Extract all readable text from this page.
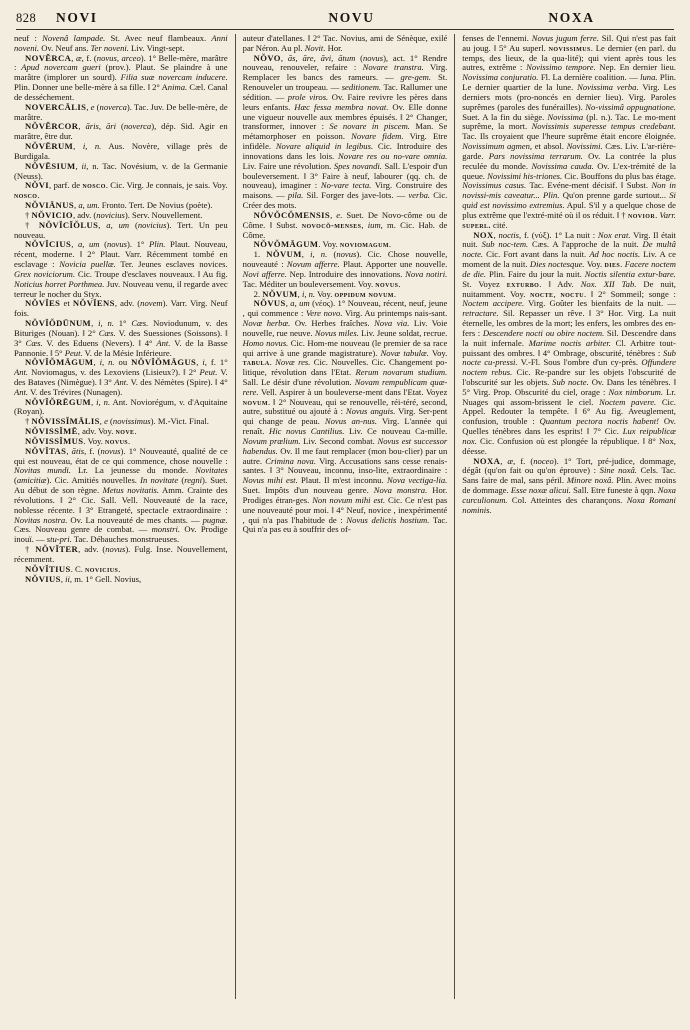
828	NOVI	NOVU	NOXA

neuf : Novenâ lampade. St. Avec neuf flambeaux. Anni noveni. Ov. Neuf ans. Ter noveni. Liv. Vingt-sept.

NOVĔRCA, æ, f. (novus, arceo). 1° Belle-mère, marâtre : Apud novercam gueri (prov.). Plaut. Se plaindre à une marâtre (implorer un sourd). Filia suæ novercam inducere. Plin. Donner une belle-mère à sa fille. ‖ 2° Anima. Cæl. Canal de desséchement.

NOVERCĀLIS, e (noverca). Tac. Juv. De belle-mère, de marâtre.

NŎVĔRCOR, āris, āri (noverca), dép. Sid. Agir en marâtre, être dur.

NŎVĒRUM, i, n. Aus. Novère, village près de Burdigala.

NŎVĒSIUM, ii, n. Tac. Novésium, v. de la Germanie (Neuss).

NŎVI, parf. de nosco. Cic. Virg. Je connais, je sais. Voy. nosco.

NŎVIĀNUS, a, um. Fronto. Tert. De Novius (poète).

† NŎVICIO, adv. (novicius). Serv. Nouvellement.

† NŎVĬCĬŎLUS, a, um (novicius). Tert. Un peu nouveau.

NŎVĬCIUS, a, um (novus). 1° Plin. Plaut. Nouveau, récent, moderne. ‖ 2° Plaut. Varr. Récemment tombé en esclavage : Novicia puellæ. Ter. Jeunes esclaves novices. Grex noviciorum. Cic. Troupe d'esclaves nouveaux. ‖ Au fig. Noticius horret Porthmea. Juv. Nouveau venu, il regarde avec terreur le nocher du Styx.

NŎVĬES et NŎVĬENS, adv. (novem). Varr. Virg. Neuf fois.

NŎVĬŎDŪNUM, i, n. 1° Cæs. Noviodunum, v. des Bituriges (Nouan). ‖ 2° Cæs. V. des Suessiones (Soissons). ‖ 3° Cæs. V. des Eduens (Nevers). ‖ 4° Ant. V. de la Basse Pannonie. ‖ 5° Peut. V. de la Mésie Inférieure.

NŎVĬŎMĀGUM, i, n. ou NŎVĬŎMĀGUS, i, f. 1° Ant. Noviomagus, v. des Lexoviens (Lisieux?). ‖ 2° Peut. V. des Bataves (Nimègue). ‖ 3° Ant. V. des Némètes (Spire). ‖ 4° Ant. V. des Trévires (Nunagen).

NŎVĬŎRĒGUM, i, n. Ant. Noviorégum, v. d'Aquitaine (Royan).

† NŎVISSĬMĀLIS, e (novissimus). M.-Vict. Final.

NŎVISSĬMĒ, adv. Voy. nove.

NŎVISSĬMUS. Voy. novus.

NŎVĬTAS, ātis, f. (novus). 1° Nouveauté, qualité de ce qui est nouveau, état de ce qui commence, chose nouvelle : Novitas mundi. Lr. La jeunesse du monde. Novitates (amicitiæ). Cic. Amitiés nouvelles. In novitate (regni). Suet. Au début de son règne. Metus novitatis. Amm. Crainte des révolutions. ‖ 2° Cic. Sall. Vell. Nouveauté de la race, noblesse récente. ‖ 3° Etrangeté, spectacle extraordinaire : Novitas nostra. Ov. La nouveauté de mes chants. — pugnæ. Cæs. Nouveau genre de combat. — monstri. Ov. Prodige inouï. — stu-pri. Tac. Débauches monstrueuses.

† NŎVĬTER, adv. (novus). Fulg. Inse. Nouvellement, récemment.

NŎVĬTIUS. C. novicius.

NŎVIUS, ii, m. 1° Gell. Novius,

auteur d'atellanes. ‖ 2° Tac. Novius, ami de Sénèque, exilé par Néron. Au pl. Novit. Hor.

NŎVO, ās, āre, āvi, ātum (novus), act. 1° Rendre nouveau, renouveler, refaire : Novare transtra. Virg. Remplacer les bancs des rameurs. — gre-gem. St. Renouveler un troupeau. — seditionem. Tac. Rallumer une sédition. — prole viros. Ov. Faire revivre les pères dans leurs enfants. Hæc fessa membra novat. Ov. Elle donne une vigueur nouvelle aux membres épuisés. ‖ 2° Changer, transformer, innover : Se novare in piscem. Man. Se métamorphoser en poisson. Novare fidem. Virg. Etre infidèle. Novare aliquid in legibus. Cic. Introduire des innovations dans les lois. Novare res ou no-vare omnia. Liv. Faire une révolution. Spes novandi. Sall. L'espoir d'un bouleversement. ‖ 3° Faire à neuf, labourer (qq. ch. de nouveau), imaginer : No-vare tecta. Virg. Construire des maisons. — pila. Sil. Forger des jave-lots. — verba. Cic. Créer des mots.

NŎVŎCŎMENSIS, e. Suet. De Novo-côme ou de Côme. ‖ Subst. novocŏ-menses, ium, m. Cic. Hab. de Côme.

NŎVŎMĀGUM. Voy. noviomagum.

1. NŎVUM, i, n. (novus). Cic. Chose nouvelle, nouveauté : Novum afferre. Plaut. Apporter une nouvelle. Novi afferre. Nep. Introduire des innovations. Nova notiri. Tac. Méditer un bouleversement. Voy. novus.

2. NŎVUM, i, n. Voy. oppidum novum.

NŎVUS, a, um (νέος). 1° Nouveau, récent, neuf, jeune , qui commence : Vere novo. Virg. Au printemps nais-sant. Novæ herbæ. Ov. Herbes fraîches. Nova via. Liv. Voie nouvelle, rue neuve. Novus miles. Liv. Jeune soldat, recrue. Homo novus. Cic. Hom-me nouveau (le premier de sa race qui arrive à une grande magistrature). Novæ tabulæ. Voy. tabula. Novæ res. Cic. Nouvelles. Cic. Changement po-litique, révolution dans l'Etat. Rerum novarum studium. Sall. Le désir d'une révolution. Novam rempublicam quæ-rere. Vell. Aspirer à un bouleverse-ment dans l'Etat. Voyez novum. ‖ 2° Nouveau, qui se renouvelle, réi-téré, second, autre, substitué ou ajouté à : Novus anguis. Virg. Ser-pent qui change de peau. Novus an-nus. Virg. L'année qui renaît. Hic novus Cantilius. Liv. Ce nouveau Ca-mille. Novum prælium. Liv. Second combat. Novus est successor habendus. Ov. Il me faut remplacer (mon bou-clier) par un autre. Crimina nova. Virg. Accusations sans cesse renais-santes. ‖ 3° Nouveau, inconnu, inso-lite, extraordinaire : Novus mihi est. Plaut. Il m'est inconnu. Nova vectiga-lia. Suet. Impôts d'un nouveau genre. Nova monstra. Hor. Prodiges étran-ges. Non novum mihi est. Cic. Ce n'est pas une nouveauté pour moi. ‖ 4° Neuf, novice , inexpérimenté , qui n'a pas l'habitude de : Novus delictis hostium. Tac. Qui n'a pas eu à souffrir des of-

fenses de l'ennemi. Novus jugum ferre. Sil. Qui n'est pas fait au joug. ‖ 5° Au superl. novissimus. Le dernier (en parl. du temps, des lieux, de la qua-lité); qui vient après tous les autres, extrême : Novissimo tempore. Nep. En dernier lieu. Novissima conjuratio. Fl. La dernière coalition. — luna. Plin. Le dernier quartier de la lune. Novissima verba. Virg. Les derniers mots (pro-noncés en dernier lieu). Virg. Paroles suprêmes (paroles des funérailles). No-vissimâ oppugnatione. Suet. A la fin du siège. Novissima (pl. n.). Tac. Le mo-ment suprême, la mort. Novissimis superesse tempus credebant. Tac. Ils croyaient que l'heure suprême était encore éloignée. Novissimum agmen, et absol. Novissimi. Cæs. Liv. L'ar-rière-garde. Pars novissima terrarum. Ov. La contrée la plus reculée du monde. Novissima cauda. Ov. L'ex-trémité de la queue. Novissimi his-triones. Cic. Bouffons du plus bas étage. Novissimus casus. Tac. Evéne-ment décisif. ‖ Subst. Non in novissi-mis caveatur... Plin. Qu'on prenne garde surtout... Si quid est novissimo extremius. Apul. S'il y a quelque chose de plus extrême que l'extré-mité où il os réduit. ‖ † novior. Varr. superl. cité.

NOX, noctis, f. (νύξ). 1° La nuit : Nox erat. Virg. Il était nuit. Sub noc-tem. Cæs. A l'approche de la nuit. De multâ nocte. Cic. Fort avant dans la nuit. Ad hoc noctis. Liv. A ce moment de la nuit. Dies noctesque. Voy. dies. Facere noctem de die. Plin. Faire du jour la nuit. Noctis silentia extur-bare. St. Voyez exturbo. ‖ Adv. Nox. XII Tab. De nuit, nuitamment. Voy. nocte, noctu. ‖ 2° Sommeil; songe : Noctem accipere. Virg. Goûter les bienfaits de la nuit. — retractare. Sil. Repasser un rêve. ‖ 3° Hor. Virg. La nuit éternelle, les ombres de la mort; les enfers, les ombres des en-fers : Descendere nocti ou obire noctem. Sil. Descendre dans la nuit infernale. Marime noctis arbiter. Cl. Arbitre tout-puissant des ombres. ‖ 4° Ombrage, obscurité, ténèbres : Sub nocte cu-pressi. V.-Fl. Sous l'ombre d'un cy-près. Offundere noctem rebus. Cic. Re-pandre sur les objets l'obscurité de l'obscurité sur les objets. Sub nocte. Ov. Dans les ténèbres. ‖ 5° Virg. Prop. Obscurité du ciel, orage : Nox nimborum. Lr. Nuages qui assom-brissent le ciel. Noctem pavere. Cic. Appel. Redouter la tempête. ‖ 6° Au fig. Aveuglement, confusion, trouble : Quantum pectora noctis habent! Ov. Quelles ténèbres dans les esprits! ‖ 7° Cic. Lux reipublicæ nox. Cic. Confusion où est plongée la république. ‖ 8° Nox, déesse.

NOXA, æ, f. (noceo). 1° Tort, pré-judice, dommage, dégât (qu'on fait ou qu'on éprouve) : Sine noxâ. Cels. Tac. Sans faire de mal, sans péril. Minore noxâ. Plin. Avec moins de dommage. Esse noxæ alicui. Sall. Etre funeste à qqn. Noxa curculionum. Col. Atteintes des charançons. Noxa Romani nominis.
